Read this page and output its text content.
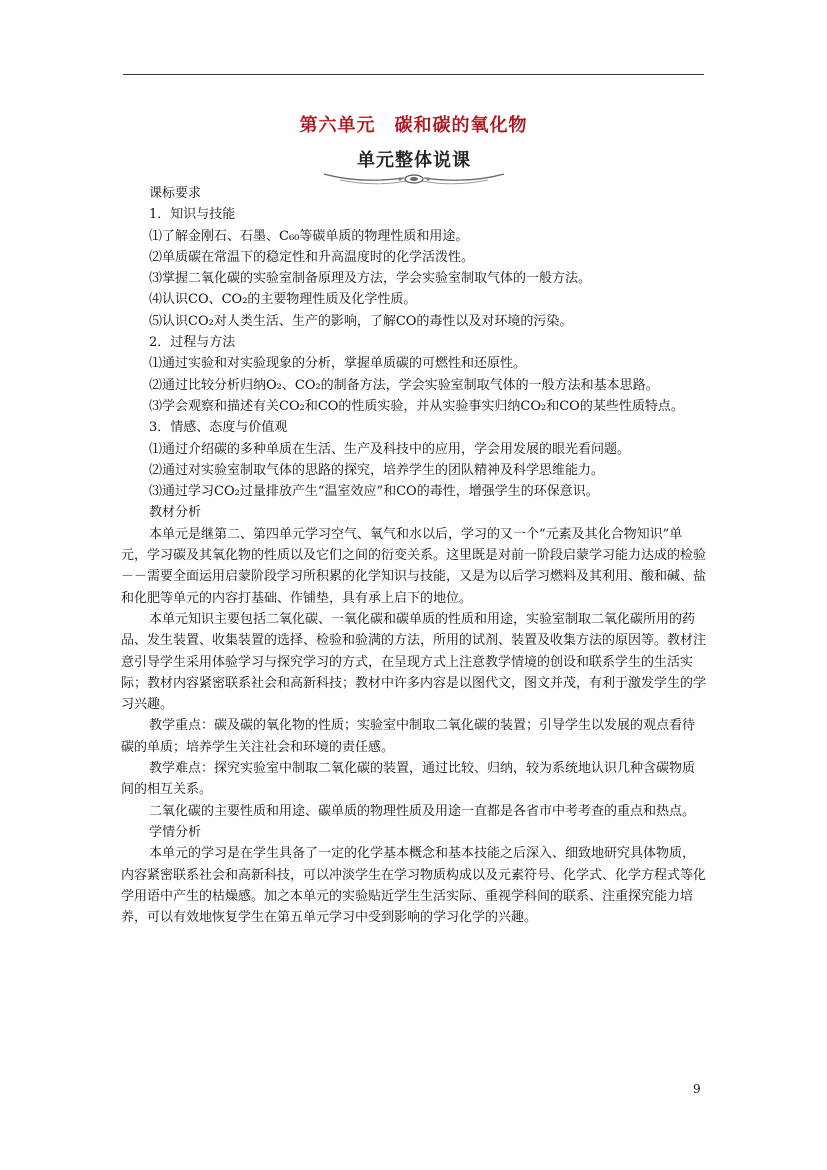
第六单元　碳和碳的氧化物
单元整体说课

课标要求

1．知识与技能

⑴了解金刚石、石墨、C₆₀等碳单质的物理性质和用途。

⑵单质碳在常温下的稳定性和升高温度时的化学活泼性。

⑶掌握二氧化碳的实验室制备原理及方法，学会实验室制取气体的一般方法。

⑷认识CO、CO₂的主要物理性质及化学性质。

⑸认识CO₂对人类生活、生产的影响，了解CO的毒性以及对环境的污染。

2．过程与方法

⑴通过实验和对实验现象的分析，掌握单质碳的可燃性和还原性。

⑵通过比较分析归纳O₂、CO₂的制备方法，学会实验室制取气体的一般方法和基本思路。

⑶学会观察和描述有关CO₂和CO的性质实验，并从实验事实归纳CO₂和CO的某些性质特点。

3．情感、态度与价值观

⑴通过介绍碳的多种单质在生活、生产及科技中的应用，学会用发展的眼光看问题。

⑵通过对实验室制取气体的思路的探究，培养学生的团队精神及科学思维能力。

⑶通过学习CO₂过量排放产生“温室效应”和CO的毒性，增强学生的环保意识。

教材分析

本单元是继第二、第四单元学习空气、氧气和水以后，学习的又一个“元素及其化合物知识”单元，学习碳及其氧化物的性质以及它们之间的衍变关系。这里既是对前一阶段启蒙学习能力达成的检验－－需要全面运用启蒙阶段学习所积累的化学知识与技能，又是为以后学习燃料及其利用、酸和碱、盐和化肥等单元的内容打基础、作铺垫，具有承上启下的地位。

本单元知识主要包括二氧化碳、一氧化碳和碳单质的性质和用途，实验室制取二氧化碳所用的药品、发生装置、收集装置的选择、检验和验满的方法，所用的试剂、装置及收集方法的原因等。教材注意引导学生采用体验学习与探究学习的方式，在呈现方式上注意教学情境的创设和联系学生的生活实际；教材内容紧密联系社会和高新科技；教材中许多内容是以图代文，图文并茂，有利于激发学生的学习兴趣。

教学重点：碳及碳的氧化物的性质；实验室中制取二氧化碳的装置；引导学生以发展的观点看待碳的单质；培养学生关注社会和环境的责任感。

教学难点：探究实验室中制取二氧化碳的装置，通过比较、归纳，较为系统地认识几种含碳物质间的相互关系。

二氧化碳的主要性质和用途、碳单质的物理性质及用途一直都是各省市中考考查的重点和热点。

学情分析

本单元的学习是在学生具备了一定的化学基本概念和基本技能之后深入、细致地研究具体物质，内容紧密联系社会和高新科技，可以冲淡学生在学习物质构成以及元素符号、化学式、化学方程式等化学用语中产生的枯燥感。加之本单元的实验贴近学生生活实际、重视学科间的联系、注重探究能力培养，可以有效地恢复学生在第五单元学习中受到影响的学习化学的兴趣。

9
